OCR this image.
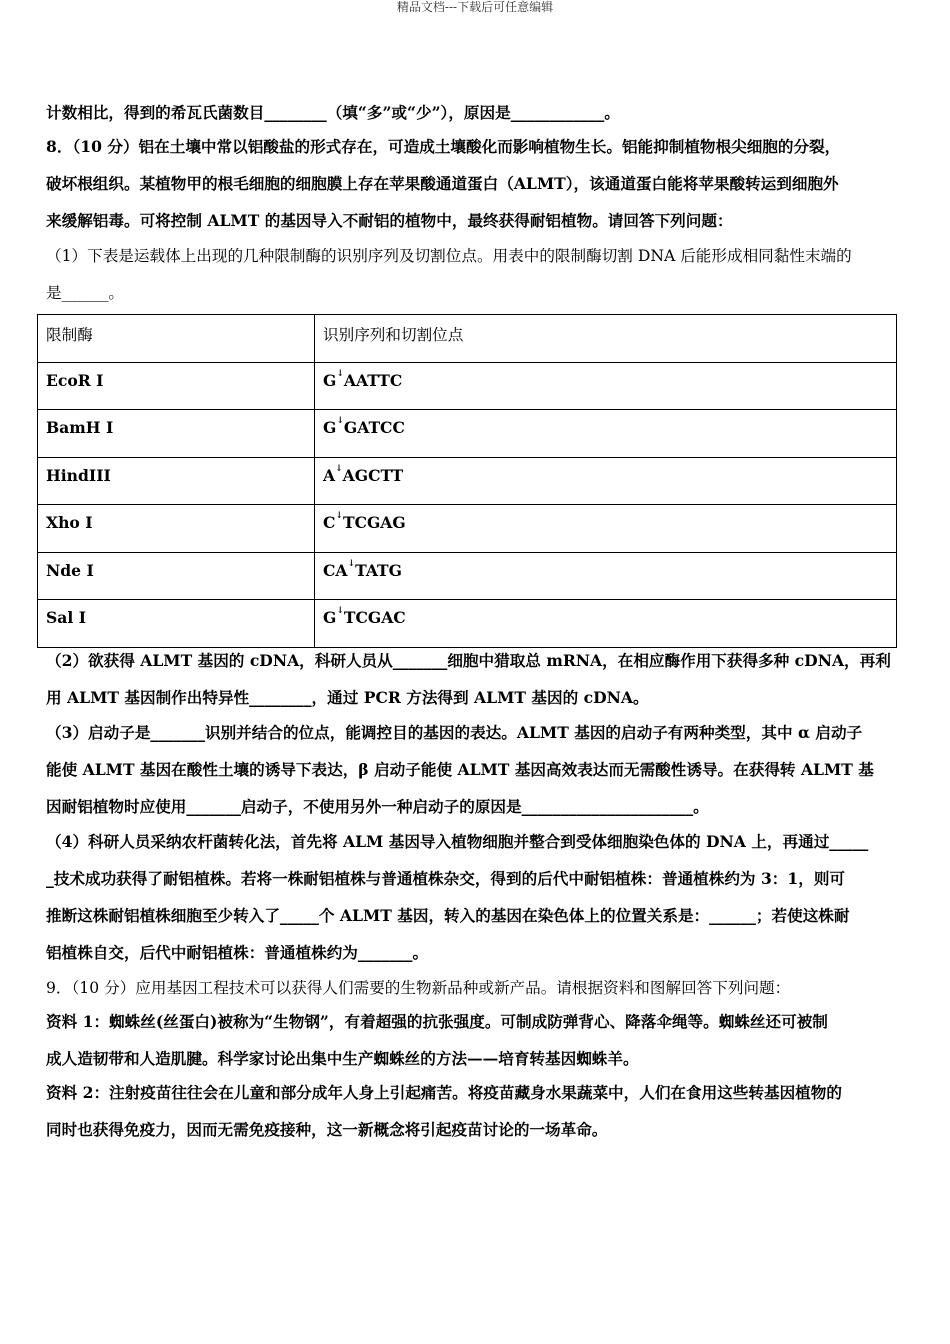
精品文档---下载后可任意编辑
计数相比，得到的希瓦氏菌数目________（填“多”或“少”），原因是____________。
8．（10 分）铝在土壤中常以铝酸盐的形式存在，可造成土壤酸化而影响植物生长。铝能抑制植物根尖细胞的分裂，
破坏根组织。某植物甲的根毛细胞的细胞膜上存在苹果酸通道蛋白（ALMT），该通道蛋白能将苹果酸转运到细胞外
来缓解铝毒。可将控制 ALMT 的基因导入不耐铝的植物中，最终获得耐铝植物。请回答下列问题：
（1）下表是运载体上出现的几种限制酶的识别序列及切割位点。用表中的限制酶切割 DNA 后能形成相同黏性末端的
是______。
限制酶	识别序列和切割位点
EcoR I	G↓AATTC
BamH I	G↓GATCC
HindIII	A↓AGCTT
Xho I	C↓TCGAG
Nde I	CA↓TATG
Sal I	G↓TCGAC
（2）欲获得 ALMT 基因的 cDNA，科研人员从_______细胞中猎取总 mRNA，在相应酶作用下获得多种 cDNA，再利
用 ALMT 基因制作出特异性________，通过 PCR 方法得到 ALMT 基因的 cDNA。
（3）启动子是_______识别并结合的位点，能调控目的基因的表达。ALMT 基因的启动子有两种类型，其中 α 启动子
能使 ALMT 基因在酸性土壤的诱导下表达，β 启动子能使 ALMT 基因高效表达而无需酸性诱导。在获得转 ALMT 基
因耐铝植物时应使用_______启动子，不使用另外一种启动子的原因是______________________。
（4）科研人员采纳农杆菌转化法，首先将 ALM 基因导入植物细胞并整合到受体细胞染色体的 DNA 上，再通过_____
_技术成功获得了耐铝植株。若将一株耐铝植株与普通植株杂交，得到的后代中耐铝植株：普通植株约为 3：1，则可
推断这株耐铝植株细胞至少转入了_____个 ALMT 基因，转入的基因在染色体上的位置关系是：______；若使这株耐
铝植株自交，后代中耐铝植株：普通植株约为_______。
9．（10 分）应用基因工程技术可以获得人们需要的生物新品种或新产品。请根据资料和图解回答下列问题：
资料 1：蜘蛛丝(丝蛋白)被称为“生物钢”，有着超强的抗张强度。可制成防弹背心、降落伞绳等。蜘蛛丝还可被制
成人造韧带和人造肌腱。科学家讨论出集中生产蜘蛛丝的方法——培育转基因蜘蛛羊。
资料 2：注射疫苗往往会在儿童和部分成年人身上引起痛苦。将疫苗藏身水果蔬菜中，人们在食用这些转基因植物的
同时也获得免疫力，因而无需免疫接种，这一新概念将引起疫苗讨论的一场革命。
